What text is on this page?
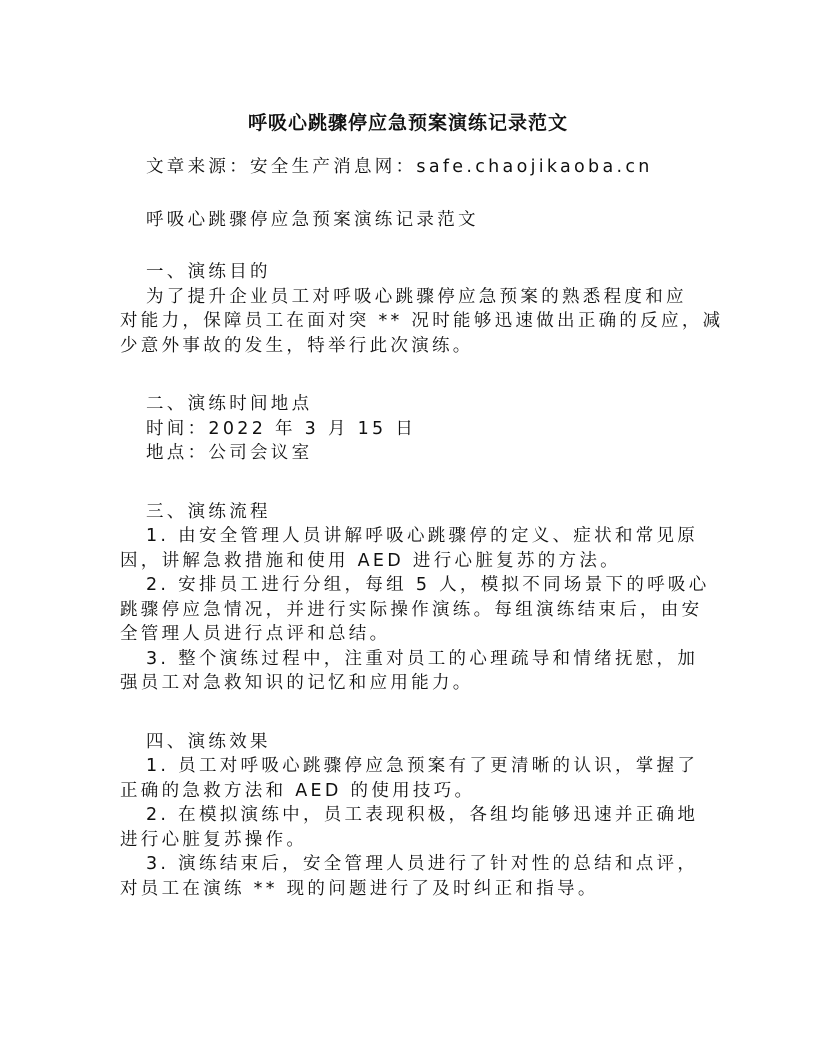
呼吸心跳骤停应急预案演练记录范文
文章来源：安全生产消息网：safe.chaojikaoba.cn
呼吸心跳骤停应急预案演练记录范文
一、演练目的
为了提升企业员工对呼吸心跳骤停应急预案的熟悉程度和应
对能力，保障员工在面对突 ** 况时能够迅速做出正确的反应，减
少意外事故的发生，特举行此次演练。
二、演练时间地点
时间：2022 年 3 月 15 日
地点：公司会议室
三、演练流程
1. 由安全管理人员讲解呼吸心跳骤停的定义、症状和常见原
因，讲解急救措施和使用 AED 进行心脏复苏的方法。
2. 安排员工进行分组，每组 5 人，模拟不同场景下的呼吸心
跳骤停应急情况，并进行实际操作演练。每组演练结束后，由安
全管理人员进行点评和总结。
3. 整个演练过程中，注重对员工的心理疏导和情绪抚慰，加
强员工对急救知识的记忆和应用能力。
四、演练效果
1. 员工对呼吸心跳骤停应急预案有了更清晰的认识，掌握了
正确的急救方法和 AED 的使用技巧。
2. 在模拟演练中，员工表现积极，各组均能够迅速并正确地
进行心脏复苏操作。
3. 演练结束后，安全管理人员进行了针对性的总结和点评，
对员工在演练 ** 现的问题进行了及时纠正和指导。
